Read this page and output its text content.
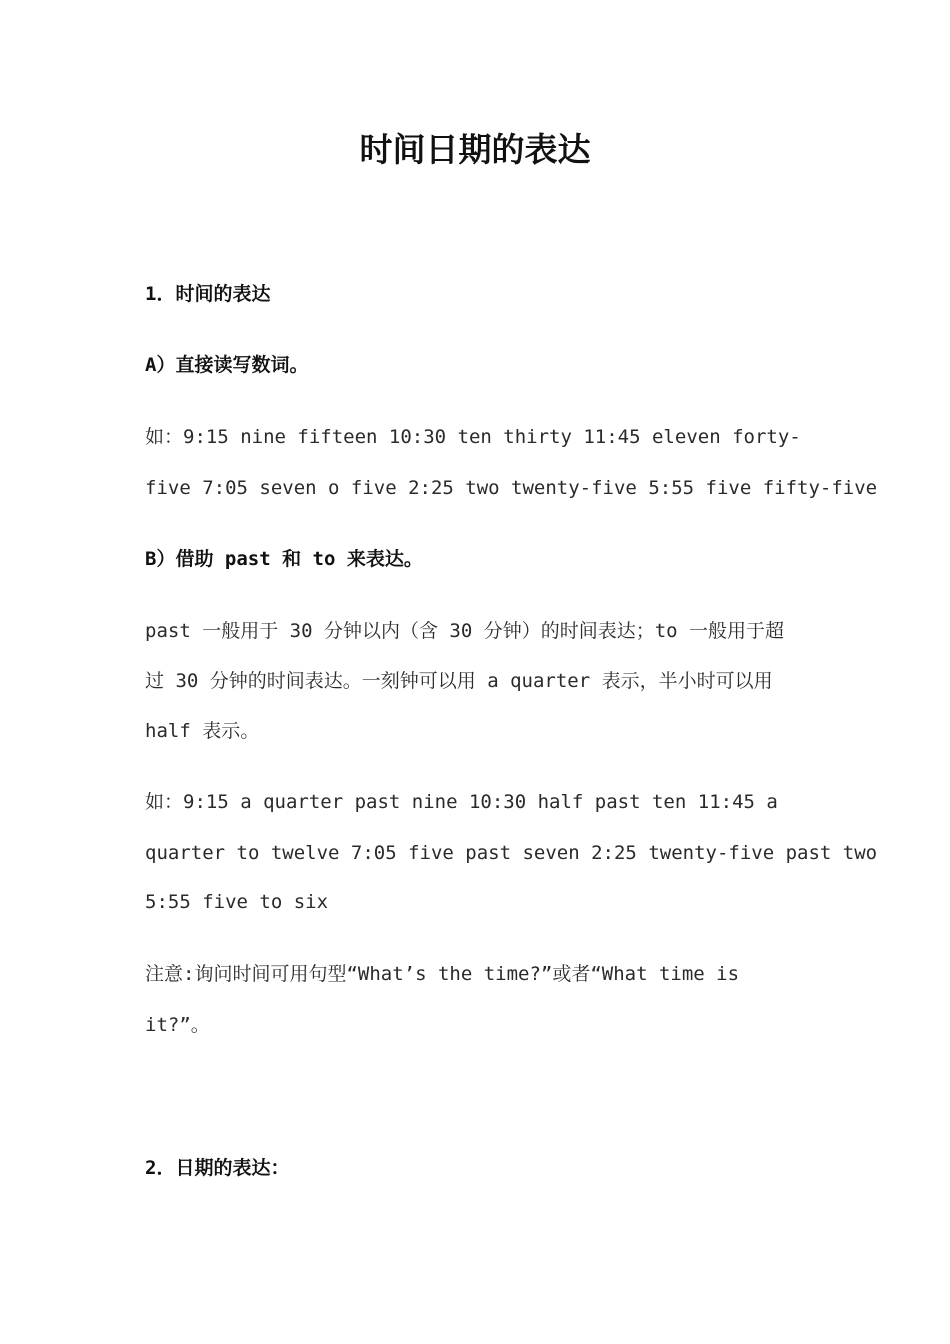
时间日期的表达
1．时间的表达
A）直接读写数词。
如：9:15 nine fifteen 10:30 ten thirty 11:45 eleven forty-
five 7:05 seven o five 2:25 two twenty-five 5:55 five fifty-five
B）借助 past 和 to 来表达。
past 一般用于 30 分钟以内（含 30 分钟）的时间表达；to 一般用于超
过 30 分钟的时间表达。一刻钟可以用 a quarter 表示，半小时可以用
half 表示。
如：9:15 a quarter past nine 10:30 half past ten 11:45 a
quarter to twelve 7:05 five past seven 2:25 twenty-five past two
5:55 five to six
注意:询问时间可用句型“What’s the time?”或者“What time is
it?”。
2．日期的表达：
